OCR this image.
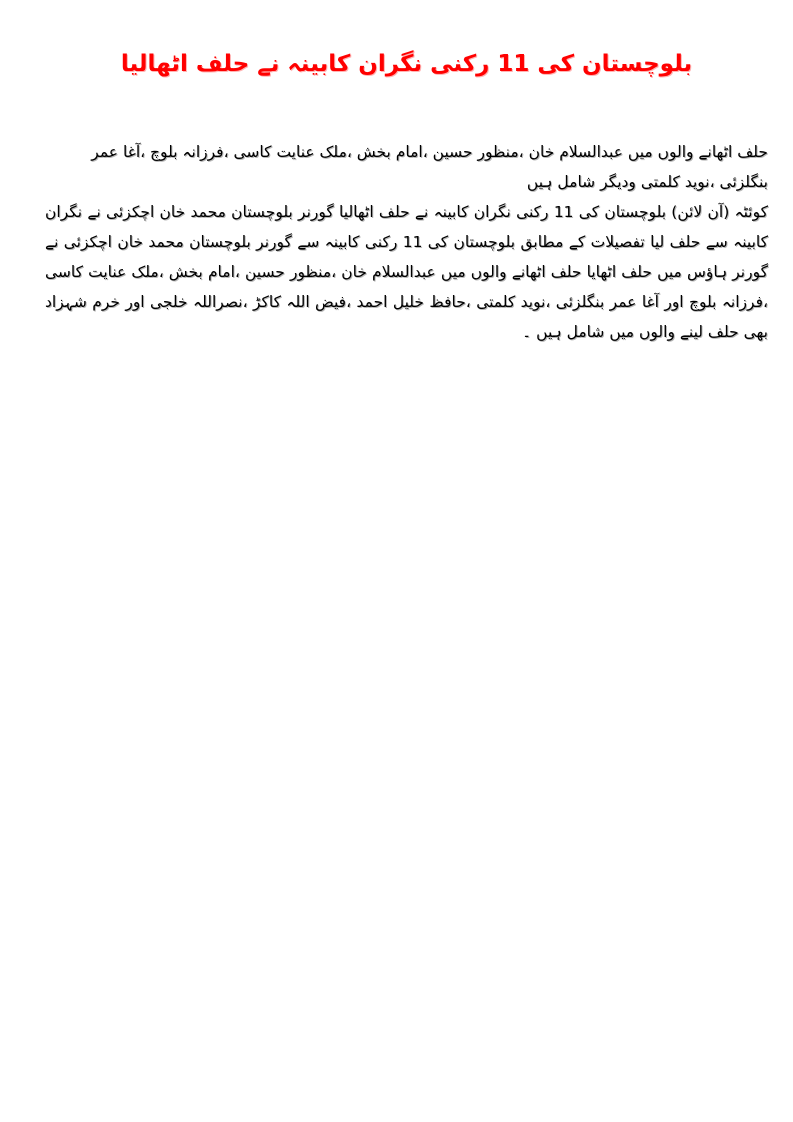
بلوچستان کی 11 رکنی نگران کابینہ نے حلف اٹھالیا
حلف اٹھانے والوں میں عبدالسلام خان ،منظور حسین ،امام بخش ،ملک عنایت کاسی ،فرزانہ بلوچ ،آغا عمر بنگلزئی ،نوید کلمتی ودیگر شامل ہیں
کوئٹہ (آن لائن) بلوچستان کی 11 رکنی نگران کابینہ نے حلف اٹھالیا گورنر بلوچستان محمد خان اچکزئی نے نگران کابینہ سے حلف لیا تفصیلات کے مطابق بلوچستان کی 11 رکنی کابینہ سے گورنر بلوچستان محمد خان اچکزئی نے گورنر ہاؤس میں حلف اٹھایا حلف اٹھانے والوں میں عبدالسلام خان ،منظور حسین ،امام بخش ،ملک عنایت کاسی ،فرزانہ بلوچ اور آغا عمر بنگلزئی ،نوید کلمتی ،حافظ خلیل احمد ،فیض اللہ کاکڑ ،نصراللہ خلجی اور خرم شہزاد بھی حلف لینے والوں میں شامل ہیں ۔
